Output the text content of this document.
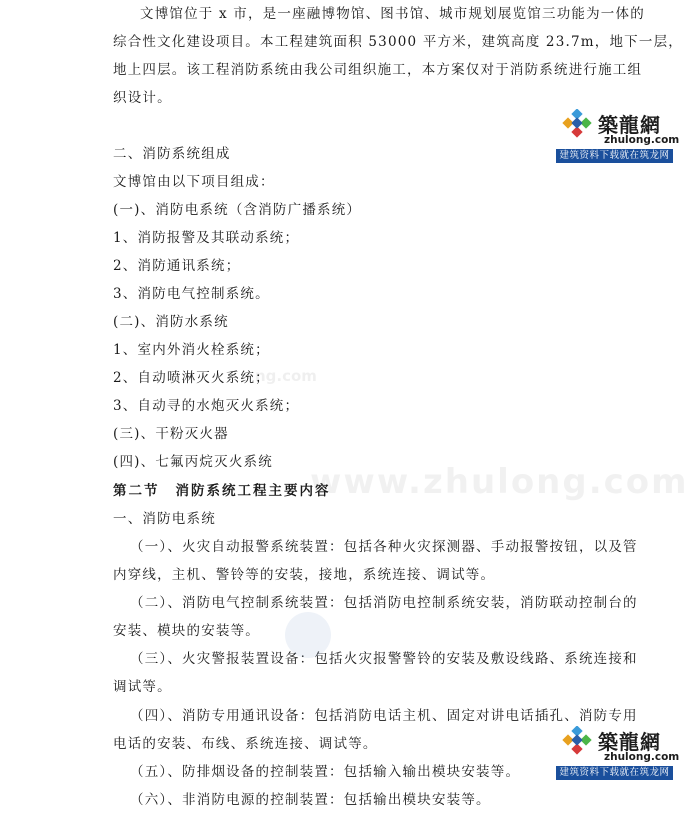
文博馆位于 x 市，是一座融博物馆、图书馆、城市规划展览馆三功能为一体的
综合性文化建设项目。本工程建筑面积 53000 平方米，建筑高度 23.7m，地下一层，
地上四层。该工程消防系统由我公司组织施工，本方案仅对于消防系统进行施工组
织设计。
二、消防系统组成
文博馆由以下项目组成：
(一)、消防电系统（含消防广播系统）
1、消防报警及其联动系统；
2、消防通讯系统；
3、消防电气控制系统。
(二)、消防水系统
1、室内外消火栓系统；
2、自动喷淋灭火系统；
3、自动寻的水炮灭火系统；
(三)、干粉灭火器
(四)、七氟丙烷灭火系统
第二节 消防系统工程主要内容
一、消防电系统
（一）、火灾自动报警系统装置：包括各种火灾探测器、手动报警按钮，以及管
内穿线，主机、警铃等的安装，接地，系统连接、调试等。
（二）、消防电气控制系统装置：包括消防电控制系统安装，消防联动控制台的
安装、模块的安装等。
（三）、火灾警报装置设备：包括火灾报警警铃的安装及敷设线路、系统连接和
调试等。
（四）、消防专用通讯设备：包括消防电话主机、固定对讲电话插孔、消防专用
电话的安装、布线、系统连接、调试等。
（五）、防排烟设备的控制装置：包括输入输出模块安装等。
（六）、非消防电源的控制装置：包括输出模块安装等。
ng.com
www.zhulong.com
築龍網
zhulong.com
建筑资料下载就在筑龙网
築龍網
zhulong.com
建筑资料下载就在筑龙网
